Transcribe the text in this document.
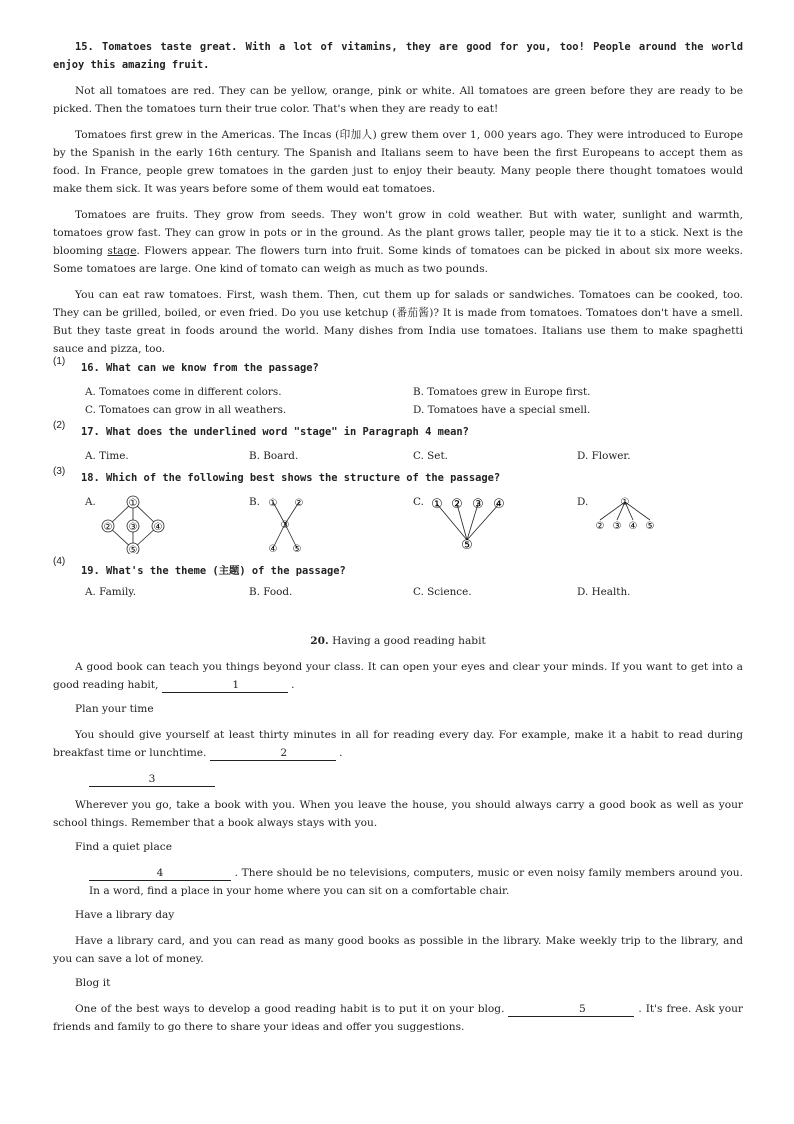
15. Tomatoes taste great. With a lot of vitamins, they are good for you, too! People around the world enjoy this amazing fruit.

Not all tomatoes are red. They can be yellow, orange, pink or white. All tomatoes are green before they are ready to be picked. Then the tomatoes turn their true color. That's when they are ready to eat!

Tomatoes first grew in the Americas. The Incas (印加人) grew them over 1, 000 years ago. They were introduced to Europe by the Spanish in the early 16th century. The Spanish and Italians seem to have been the first Europeans to accept them as food. In France, people grew tomatoes in the garden just to enjoy their beauty. Many people there thought tomatoes would make them sick. It was years before some of them would eat tomatoes.

Tomatoes are fruits. They grow from seeds. They won't grow in cold weather. But with water, sunlight and warmth, tomatoes grow fast. They can grow in pots or in the ground. As the plant grows taller, people may tie it to a stick. Next is the blooming stage. Flowers appear. The flowers turn into fruit. Some kinds of tomatoes can be picked in about six more weeks. Some tomatoes are large. One kind of tomato can weigh as much as two pounds.

You can eat raw tomatoes. First, wash them. Then, cut them up for salads or sandwiches. Tomatoes can be cooked, too. They can be grilled, boiled, or even fried. Do you use ketchup (番茄酱)? It is made from tomatoes. Tomatoes don't have a smell. But they taste great in foods around the world. Many dishes from India use tomatoes. Italians use them to make spaghetti sauce and pizza, too.

(1)
16. What can we know from the passage?
A. Tomatoes come in different colors.	B. Tomatoes grew in Europe first.
C. Tomatoes can grow in all weathers.	D. Tomatoes have a special smell.
(2)
17. What does the underlined word "stage" in Paragraph 4 mean?
A. Time.	B. Board.	C. Set.	D. Flower.
(3)
18. Which of the following best shows the structure of the passage?
A.	①
② ③ ④
⑤
B. ① ②
③
④ ⑤
C. ① ② ③ ④
⑤
D.	①
② ③ ④ ⑤
(4)
19. What's the theme (主题) of the passage?
A. Family.	B. Food.	C. Science.	D. Health.

20. Having a good reading habit

A good book can teach you things beyond your class. It can open your eyes and clear your minds. If you want to get into a good reading habit,	1	.

Plan your time

You should give yourself at least thirty minutes in all for reading every day. For example, make it a habit to read during breakfast time or lunchtime.	2	.

3

Wherever you go, take a book with you. When you leave the house, you should always carry a good book as well as your school things. Remember that a book always stays with you.

Find a quiet place

4	. There should be no televisions, computers, music or even noisy family members around you. In a word, find a place in your home where you can sit on a comfortable chair.

Have a library day

Have a library card, and you can read as many good books as possible in the library. Make weekly trip to the library, and you can save a lot of money.

Blog it

One of the best ways to develop a good reading habit is to put it on your blog.	5	. It's free. Ask your friends and family to go there to share your ideas and offer you suggestions.
